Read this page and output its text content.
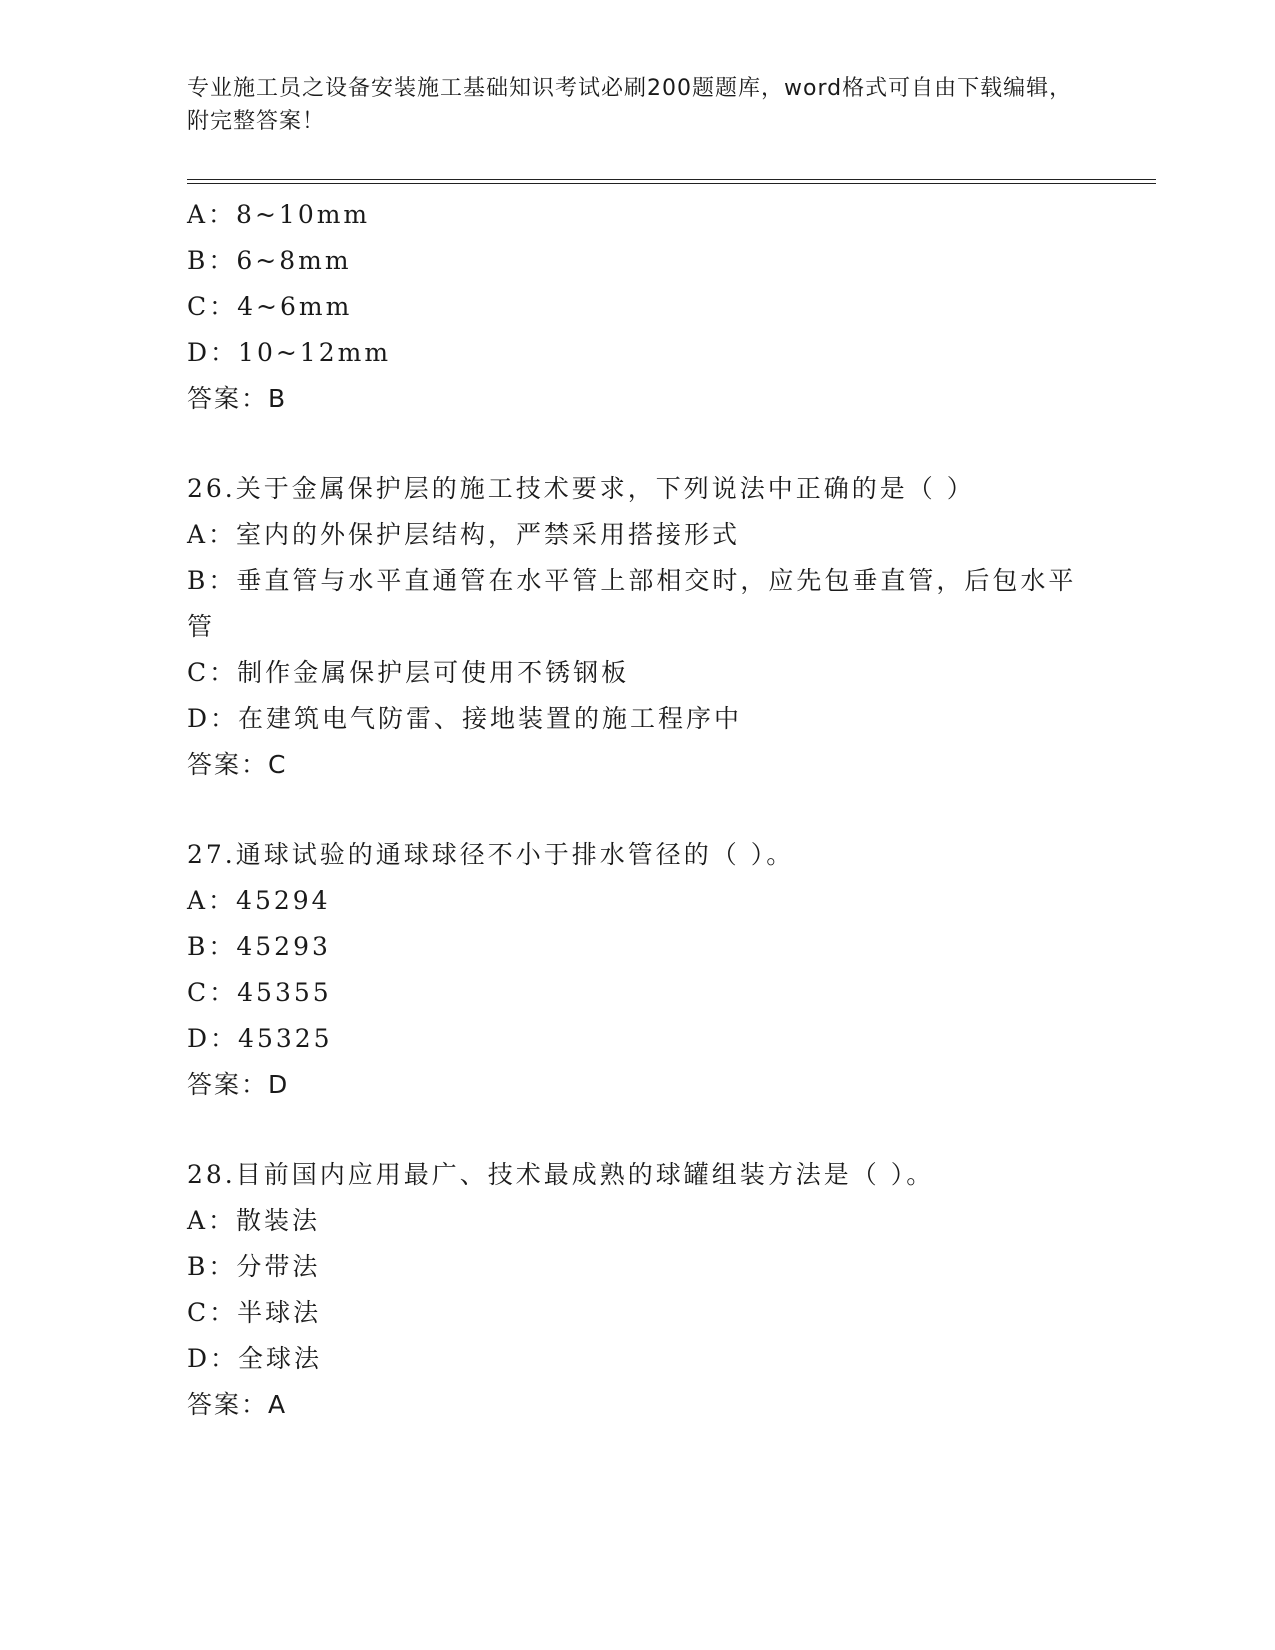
专业施工员之设备安装施工基础知识考试必刷200题题库，word格式可自由下载编辑，附完整答案！
A：8~10mm
B：6~8mm
C：4~6mm
D：10~12mm
答案：B
26.关于金属保护层的施工技术要求，下列说法中正确的是（ ）
A：室内的外保护层结构，严禁采用搭接形式
B：垂直管与水平直通管在水平管上部相交时，应先包垂直管，后包水平管
C：制作金属保护层可使用不锈钢板
D：在建筑电气防雷、接地装置的施工程序中
答案：C
27.通球试验的通球球径不小于排水管径的（ ）。
A：45294
B：45293
C：45355
D：45325
答案：D
28.目前国内应用最广、技术最成熟的球罐组装方法是（ ）。
A：散装法
B：分带法
C：半球法
D：全球法
答案：A
